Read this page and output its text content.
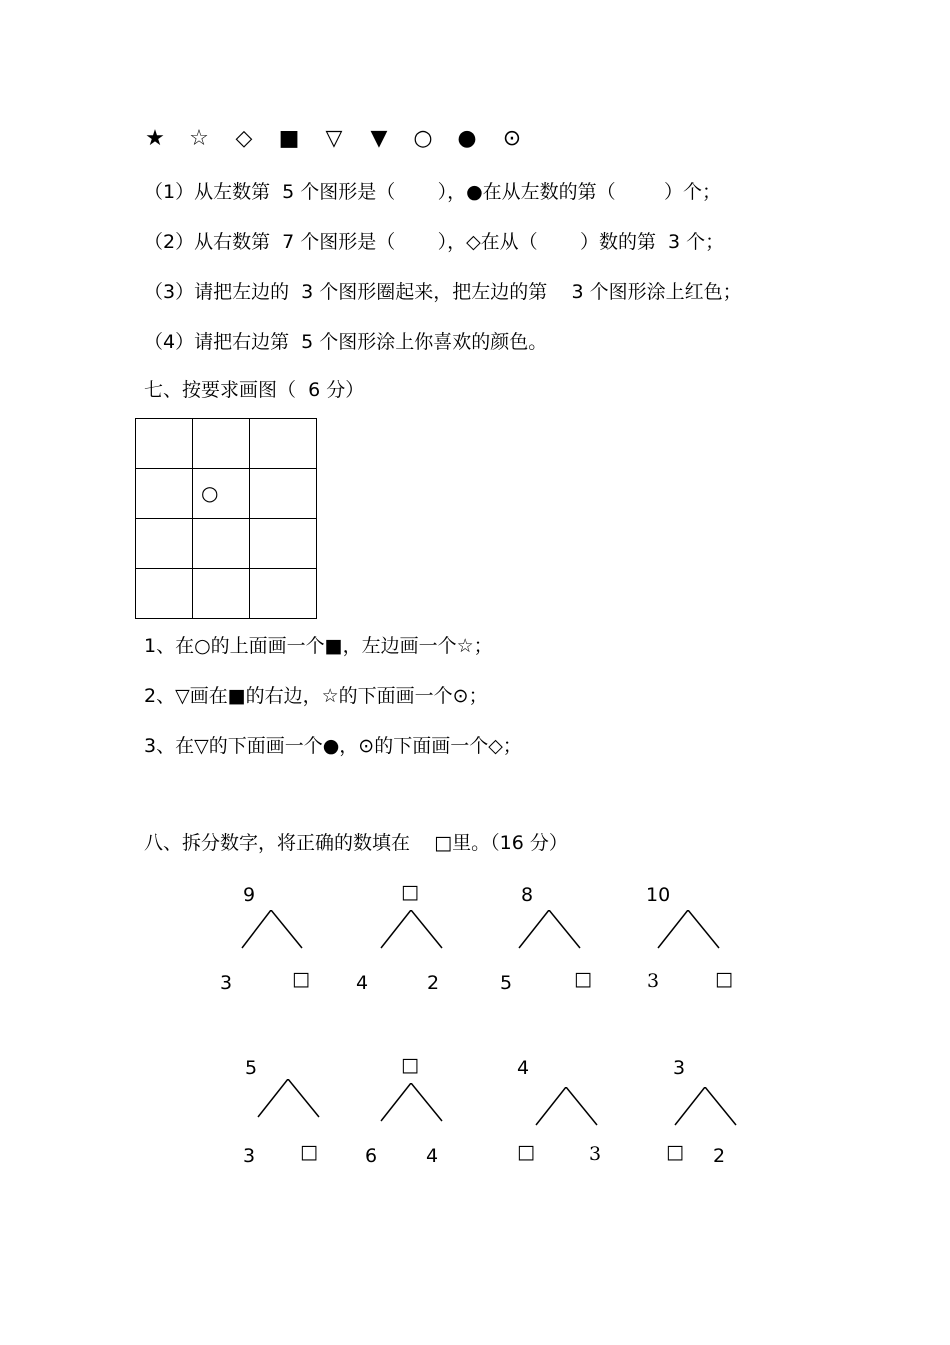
★ ☆ ◇ ■ ▽ ▼ ○ ● ⊙
（1）从左数第  5 个图形是（       ），●在从左数的第（        ）个；
（2）从右数第  7 个图形是（       ），◇在从（       ）数的第  3 个；
（3）请把左边的  3 个图形圈起来，把左边的第    3 个图形涂上红色；
（4）请把右边第  5 个图形涂上你喜欢的颜色。
七、按要求画图（  6 分）

	○	

1、在○的上面画一个■，左边画一个☆；
2、▽画在■的右边，☆的下面画一个⊙；
3、在▽的下面画一个●，⊙的下面画一个◇；
八、拆分数字，将正确的数填在    □里。（16 分）
9
3	□
□
4	2
8
5	□
10
3	□
5
3 □
□
6	4
4
□	3
3
□ 2
